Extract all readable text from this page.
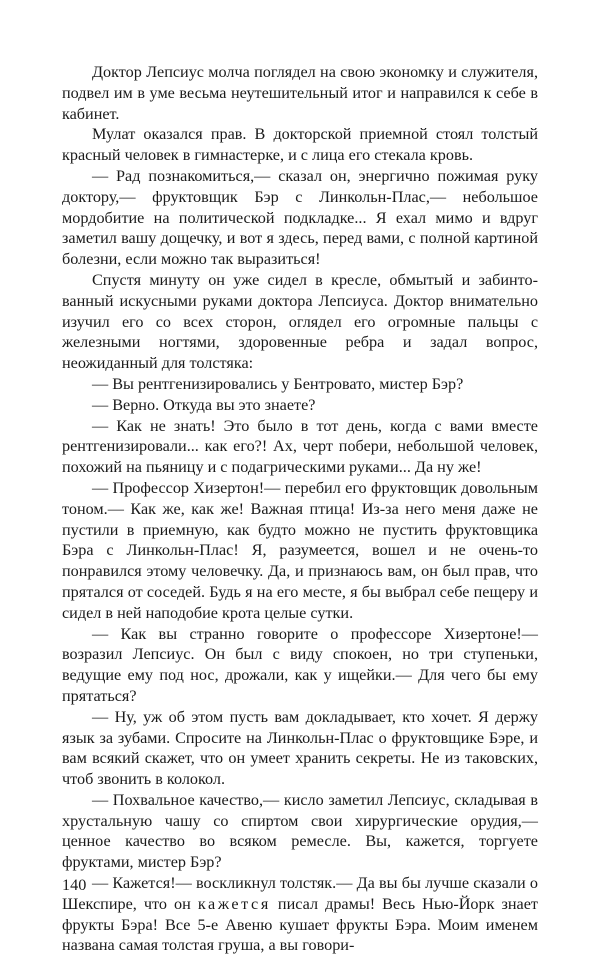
Доктор Лепсиус молча поглядел на свою экономку и служителя, подвел им в уме весьма неутешительный итог и направился к себе в кабинет.

Мулат оказался прав. В докторской приемной стоял толстый красный человек в гимнастерке, и с лица его стекала кровь.

— Рад познакомиться,— сказал он, энергично пожимая руку доктору,— фруктовщик Бэр с Линкольн-Плас,— небольшое мордобитие на политической подкладке... Я ехал мимо и вдруг заметил вашу дощечку, и вот я здесь, перед вами, с полной картиной болезни, если можно так выразиться!

Спустя минуту он уже сидел в кресле, обмытый и забинтованный искусными руками доктора Лепсиуса. Доктор внимательно изучил его со всех сторон, оглядел его огромные пальцы с железными ногтями, здоровенные ребра и задал вопрос, неожиданный для толстяка:

— Вы рентгенизировались у Бентровато, мистер Бэр?

— Верно. Откуда вы это знаете?

— Как не знать! Это было в тот день, когда с вами вместе рентгенизировали... как его?! Ах, черт побери, небольшой человек, похожий на пьяницу и с подагрическими руками... Да ну же!

— Профессор Хизертон!— перебил его фруктовщик довольным тоном.— Как же, как же! Важная птица! Из-за него меня даже не пустили в приемную, как будто можно не пустить фруктовщика Бэра с Линкольн-Плас! Я, разумеется, вошел и не очень-то понравился этому человечку. Да, и признаюсь вам, он был прав, что прятался от соседей. Будь я на его месте, я бы выбрал себе пещеру и сидел в ней наподобие крота целые сутки.

— Как вы странно говорите о профессоре Хизертоне!— возразил Лепсиус. Он был с виду спокоен, но три ступеньки, ведущие ему под нос, дрожали, как у ищейки.— Для чего бы ему прятаться?

— Ну, уж об этом пусть вам докладывает, кто хочет. Я держу язык за зубами. Спросите на Линкольн-Плас о фруктовщике Бэре, и вам всякий скажет, что он умеет хранить секреты. Не из таковских, чтоб звонить в колокол.

— Похвальное качество,— кисло заметил Лепсиус, складывая в хрустальную чашу со спиртом свои хирургические орудия,— ценное качество во всяком ремесле. Вы, кажется, торгуете фруктами, мистер Бэр?

— Кажется!— воскликнул толстяк.— Да вы бы лучше сказали о Шекспире, что он кажется писал драмы! Весь Нью-Йорк знает фрукты Бэра! Все 5-е Авеню кушает фрукты Бэра. Моим именем названа самая толстая груша, а вы говори-

140
